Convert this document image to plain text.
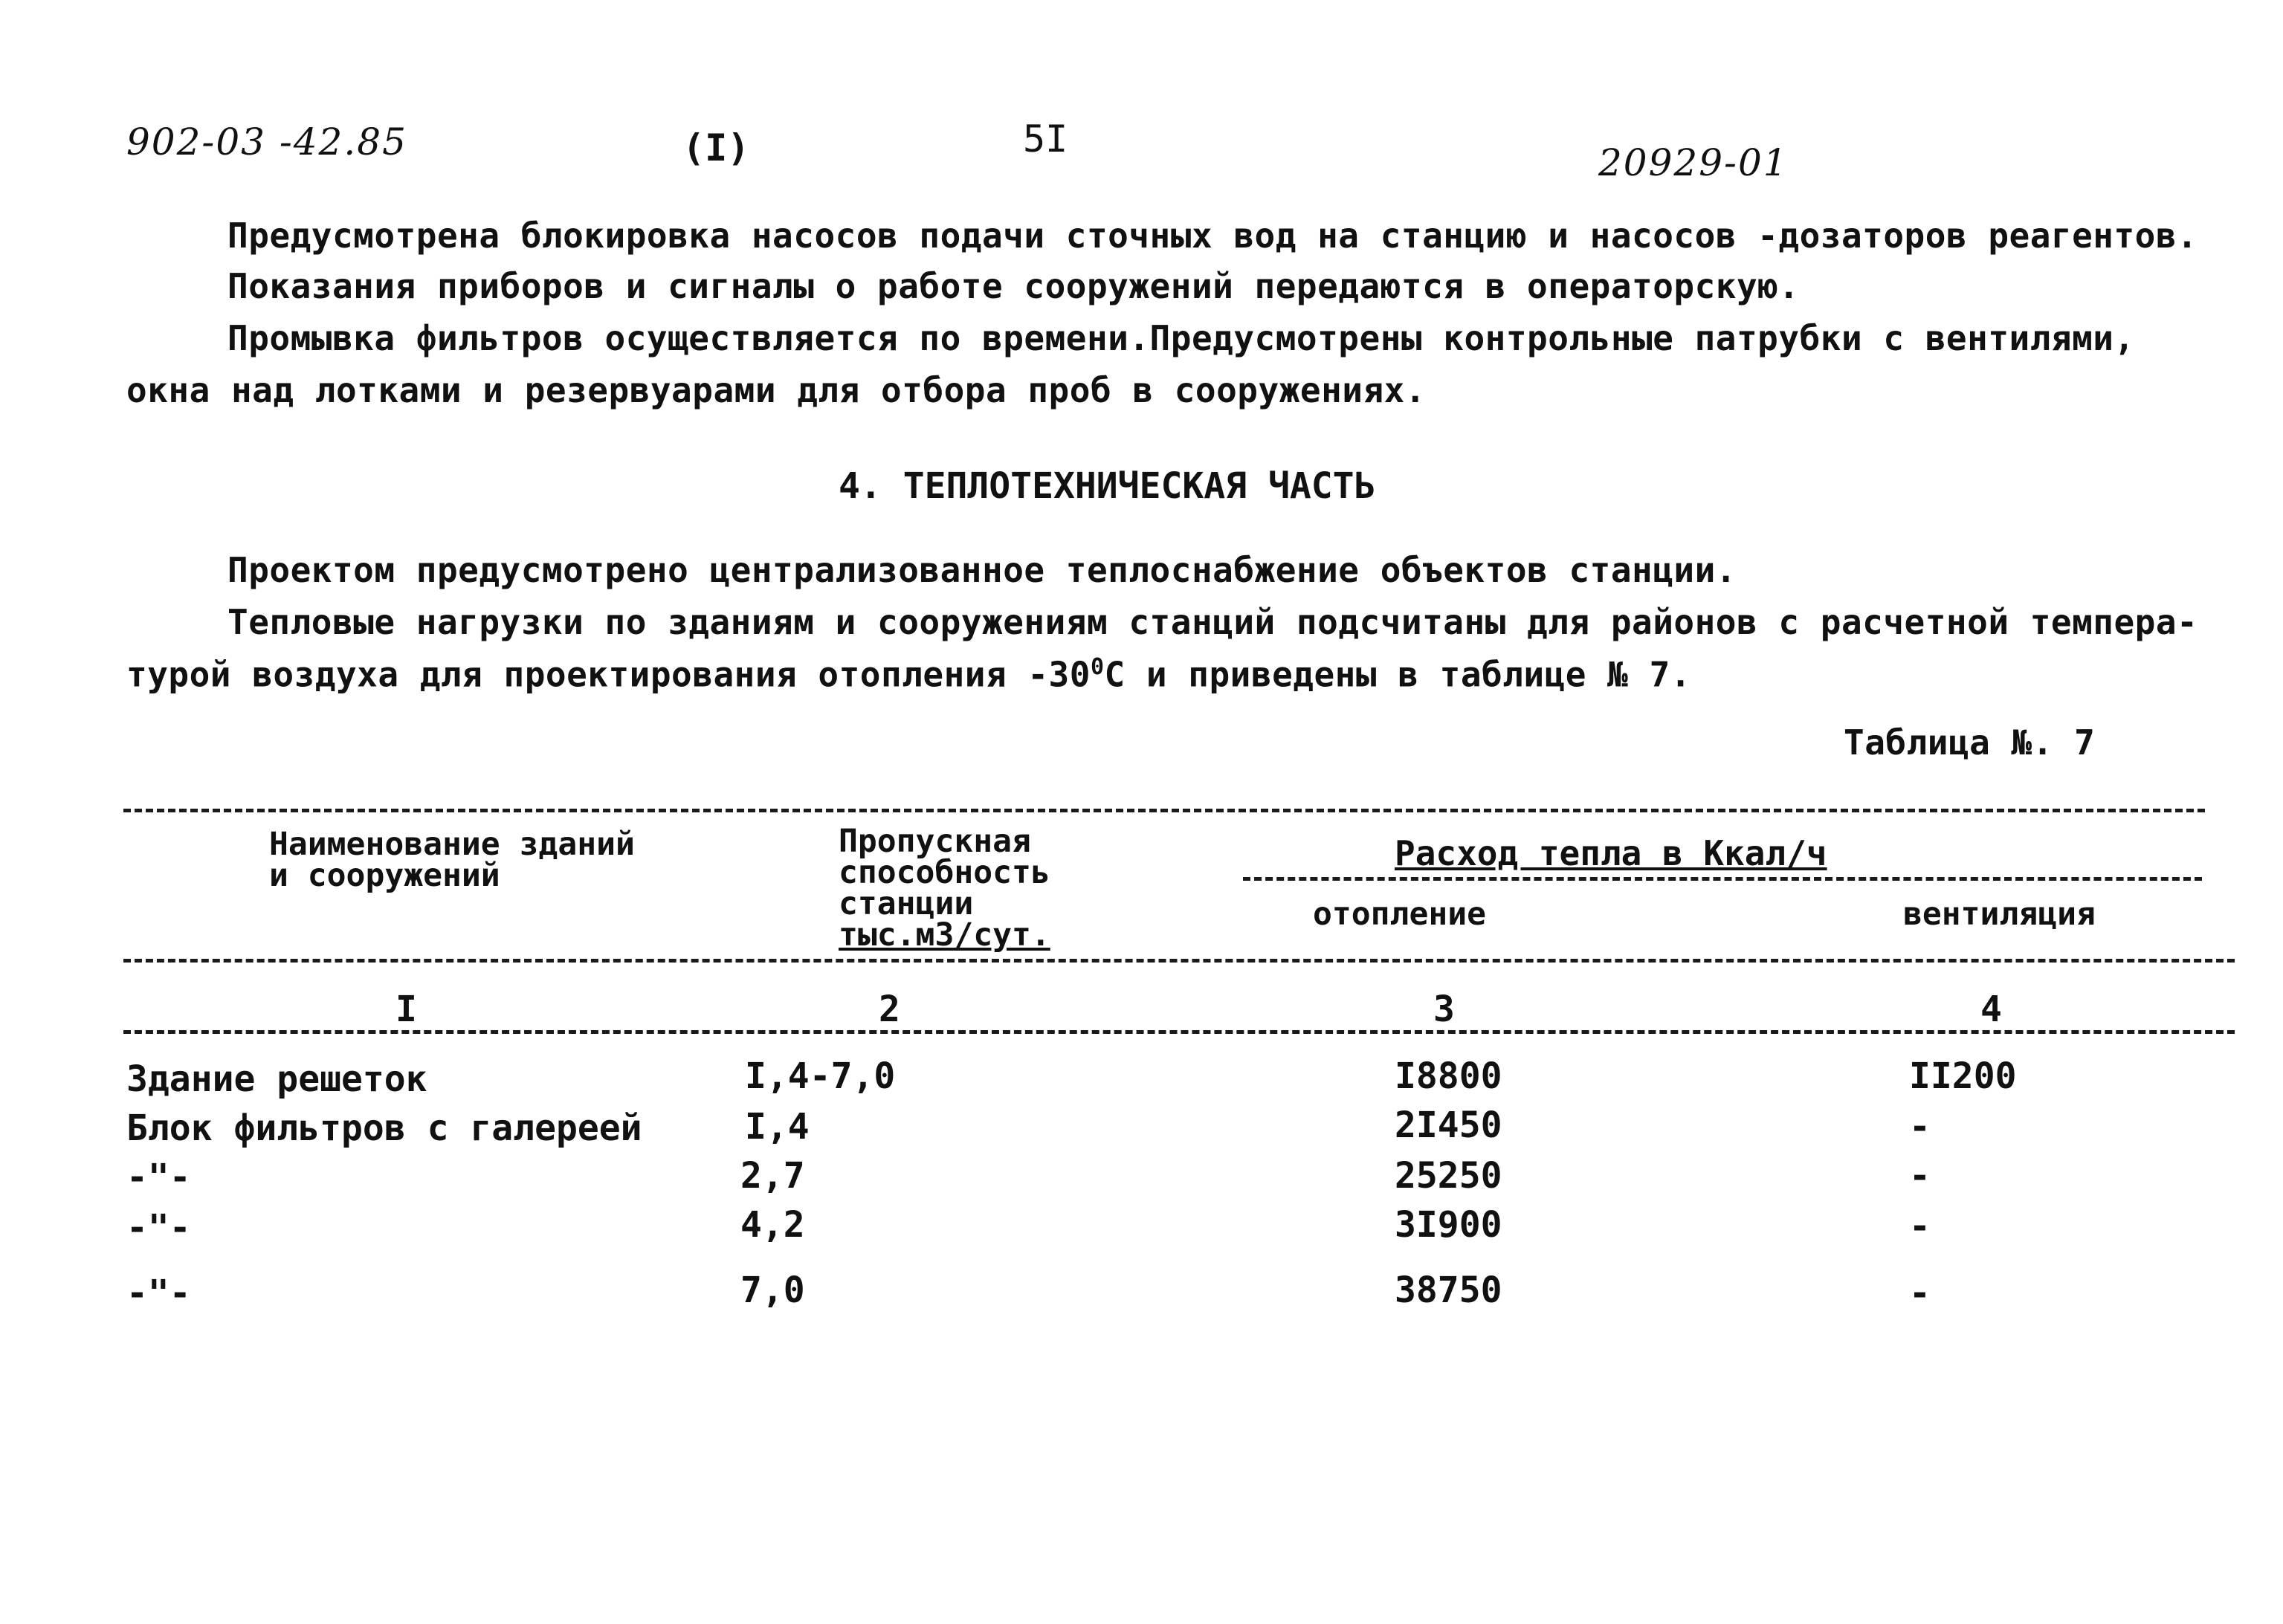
902-03 -42.85	(I)	5I
20929-01
Предусмотрена блокировка насосов подачи сточных вод на станцию и насосов -дозаторов реагентов.
Показания приборов и сигналы о работе сооружений передаются в операторскую.
Промывка фильтров осуществляется по времени.Предусмотрены контрольные патрубки с вентилями,
окна над лотками и резервуарами для отбора проб в сооружениях.
4. ТЕПЛОТЕХНИЧЕСКАЯ ЧАСТЬ
Проектом предусмотрено централизованное теплоснабжение объектов станции.
Тепловые нагрузки по зданиям и сооружениям станций подсчитаны для районов с расчетной темпера-
турой воздуха для проектирования отопления $-30^0С$ и приведены в таблице № 7.
Таблица №. 7
Наименование зданий
и сооружений
Пропускная
способность
станции
тыс.м3/сут.
Расход тепла в Ккал/ч
отопление	вентиляция
I	2	3	4
Здание решеток	I,4-7,0	I8800	II200
Блок фильтров с галереей	I,4	2I450	-
-"-	2,7	25250	-
-"-	4,2	3I900	-
-"-	7,0	38750	-
